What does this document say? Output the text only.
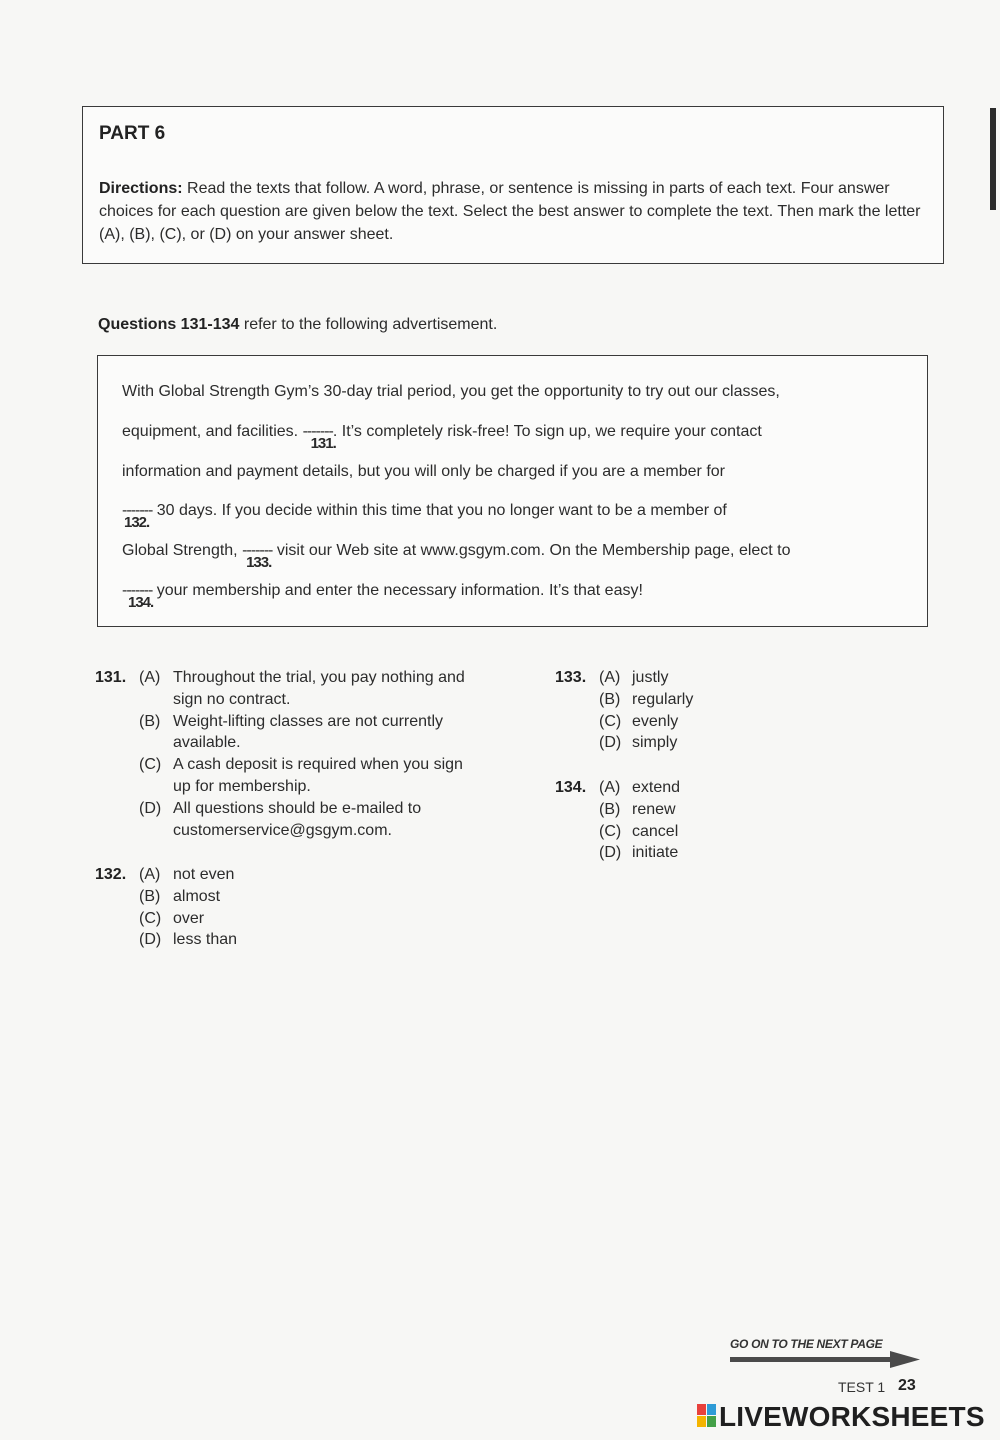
PART 6
Directions: Read the texts that follow. A word, phrase, or sentence is missing in parts of each text. Four answer choices for each question are given below the text. Select the best answer to complete the text. Then mark the letter (A), (B), (C), or (D) on your answer sheet.
Questions 131-134 refer to the following advertisement.
With Global Strength Gym’s 30-day trial period, you get the opportunity to try out our classes,
equipment, and facilities. -------
131.
. It’s completely risk-free! To sign up, we require your contact
information and payment details, but you will only be charged if you are a member for
-------
132.
30 days. If you decide within this time that you no longer want to be a member of
Global Strength, -------
133.
visit our Web site at www.gsgym.com. On the Membership page, elect to
-------
134.
your membership and enter the necessary information. It’s that easy!
131. (A) Throughout the trial, you pay nothing and sign no contract.
(B) Weight-lifting classes are not currently available.
(C) A cash deposit is required when you sign up for membership.
(D) All questions should be e-mailed to customerservice@gsgym.com.
132. (A) not even
(B) almost
(C) over
(D) less than
133. (A) justly
(B) regularly
(C) evenly
(D) simply
134. (A) extend
(B) renew
(C) cancel
(D) initiate
GO ON TO THE NEXT PAGE
TEST 1 23
LIVEWORKSHEETS
